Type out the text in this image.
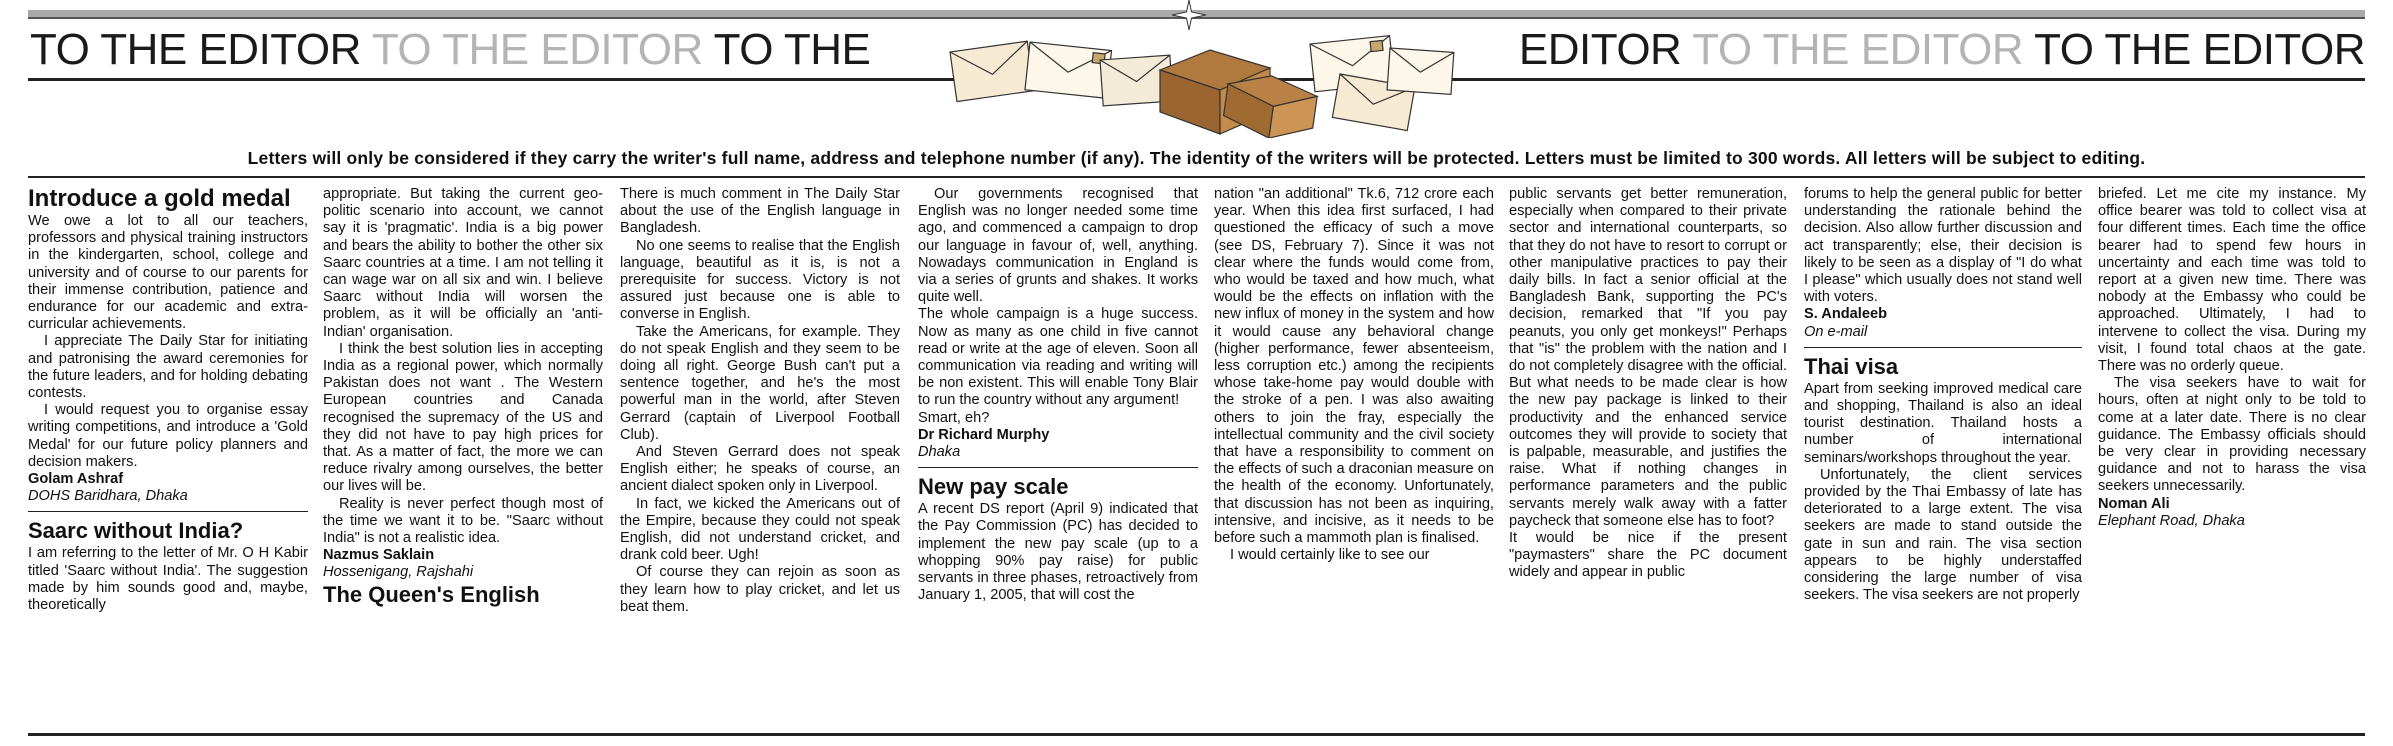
TO THE EDITOR TO THE EDITOR TO THE	EDITOR TO THE EDITOR TO THE EDITOR
Letters will only be considered if they carry the writer's full name, address and telephone number (if any). The identity of the writers will be protected. Letters must be limited to 300 words. All letters will be subject to editing.
Introduce a gold medal

We owe a lot to all our teachers, professors and physical training instructors in the kindergarten, school, college and university and of course to our parents for their immense contribution, patience and endurance for our academic and extra-curricular achievements.

I appreciate The Daily Star for initiating and patronising the award ceremonies for the future leaders, and for holding debating contests.

I would request you to organise essay writing competitions, and introduce a 'Gold Medal' for our future policy planners and decision makers.

Golam Ashraf

DOHS Baridhara, Dhaka

Saarc without India?

I am referring to the letter of Mr. O H Kabir titled 'Saarc without India'. The suggestion made by him sounds good and, maybe, theoretically

appropriate. But taking the current geo-politic scenario into account, we cannot say it is 'pragmatic'. India is a big power and bears the ability to bother the other six Saarc countries at a time. I am not telling it can wage war on all six and win. I believe Saarc without India will worsen the problem, as it will be officially an 'anti-Indian' organisation.

I think the best solution lies in accepting India as a regional power, which normally Pakistan does not want . The Western European countries and Canada recognised the supremacy of the US and they did not have to pay high prices for that. As a matter of fact, the more we can reduce rivalry among ourselves, the better our lives will be.

Reality is never perfect though most of the time we want it to be. "Saarc without India" is not a realistic idea.

Nazmus Saklain

Hossenigang, Rajshahi

The Queen's English

There is much comment in The Daily Star about the use of the English language in Bangladesh.

No one seems to realise that the English language, beautiful as it is, is not a prerequisite for success. Victory is not assured just because one is able to converse in English.

Take the Americans, for example. They do not speak English and they seem to be doing all right. George Bush can't put a sentence together, and he's the most powerful man in the world, after Steven Gerrard (captain of Liverpool Football Club).

And Steven Gerrard does not speak English either; he speaks of course, an ancient dialect spoken only in Liverpool.

In fact, we kicked the Americans out of the Empire, because they could not speak English, did not understand cricket, and drank cold beer. Ugh!

Of course they can rejoin as soon as they learn how to play cricket, and let us beat them.

Our governments recognised that English was no longer needed some time ago, and commenced a campaign to drop our language in favour of, well, anything. Nowadays communication in England is via a series of grunts and shakes. It works quite well.

The whole campaign is a huge success. Now as many as one child in five cannot read or write at the age of eleven. Soon all communication via reading and writing will be non existent. This will enable Tony Blair to run the country without any argument!

Smart, eh?

Dr Richard Murphy

Dhaka

New pay scale

A recent DS report (April 9) indicated that the Pay Commission (PC) has decided to implement the new pay scale (up to a whopping 90% pay raise) for public servants in three phases, retroactively from January 1, 2005, that will cost the

nation "an additional" Tk.6, 712 crore each year. When this idea first surfaced, I had questioned the efficacy of such a move (see DS, February 7). Since it was not clear where the funds would come from, who would be taxed and how much, what would be the effects on inflation with the new influx of money in the system and how it would cause any behavioral change (higher performance, fewer absenteeism, less corruption etc.) among the recipients whose take-home pay would double with the stroke of a pen. I was also awaiting others to join the fray, especially the intellectual community and the civil society that have a responsibility to comment on the effects of such a draconian measure on the health of the economy. Unfortunately, that discussion has not been as inquiring, intensive, and incisive, as it needs to be before such a mammoth plan is finalised.

I would certainly like to see our

public servants get better remuneration, especially when compared to their private sector and international counterparts, so that they do not have to resort to corrupt or other manipulative practices to pay their daily bills. In fact a senior official at the Bangladesh Bank, supporting the PC's decision, remarked that "If you pay peanuts, you only get monkeys!" Perhaps that "is" the problem with the nation and I do not completely disagree with the official. But what needs to be made clear is how the new pay package is linked to their productivity and the enhanced service outcomes they will provide to society that is palpable, measurable, and justifies the raise. What if nothing changes in performance parameters and the public servants merely walk away with a fatter paycheck that someone else has to foot?

It would be nice if the present "paymasters" share the PC document widely and appear in public

forums to help the general public for better understanding the rationale behind the decision. Also allow further discussion and act transparently; else, their decision is likely to be seen as a display of "I do what I please" which usually does not stand well with voters.

S. Andaleeb

On e-mail

Thai visa

Apart from seeking improved medical care and shopping, Thailand is also an ideal tourist destination. Thailand hosts a number of international seminars/workshops throughout the year.

Unfortunately, the client services provided by the Thai Embassy of late has deteriorated to a large extent. The visa seekers are made to stand outside the gate in sun and rain. The visa section appears to be highly understaffed considering the large number of visa seekers. The visa seekers are not properly

briefed. Let me cite my instance. My office bearer was told to collect visa at four different times. Each time the office bearer had to spend few hours in uncertainty and each time was told to report at a given new time. There was nobody at the Embassy who could be approached. Ultimately, I had to intervene to collect the visa. During my visit, I found total chaos at the gate. There was no orderly queue.

The visa seekers have to wait for hours, often at night only to be told to come at a later date. There is no clear guidance. The Embassy officials should be very clear in providing necessary guidance and not to harass the visa seekers unnecessarily.

Noman Ali

Elephant Road, Dhaka
